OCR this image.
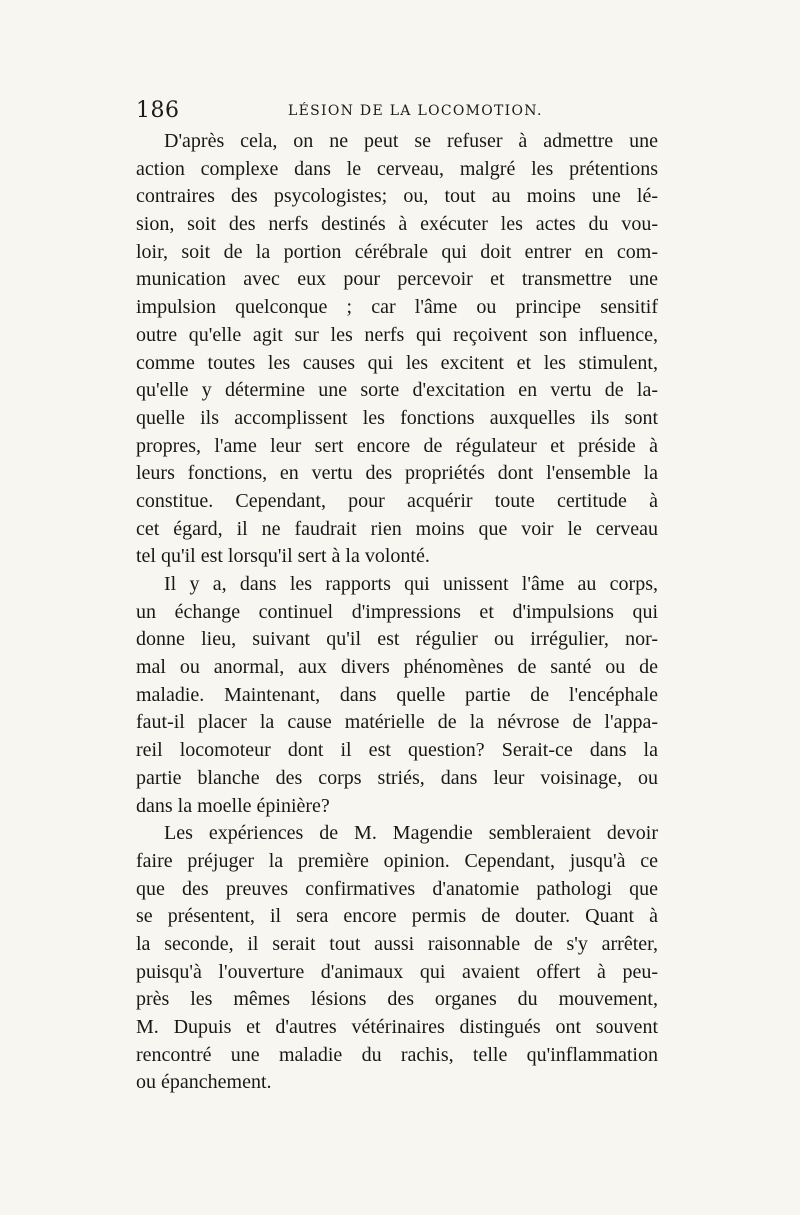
186	LÉSION DE LA LOCOMOTION.
D'après cela, on ne peut se refuser à admettre une
action complexe dans le cerveau, malgré les prétentions
contraires des psycologistes; ou, tout au moins une lé-
sion, soit des nerfs destinés à exécuter les actes du vou-
loir, soit de la portion cérébrale qui doit entrer en com-
munication avec eux pour percevoir et transmettre une
impulsion quelconque ; car l'âme ou principe sensitif
outre qu'elle agit sur les nerfs qui reçoivent son influence,
comme toutes les causes qui les excitent et les stimulent,
qu'elle y détermine une sorte d'excitation en vertu de la-
quelle ils accomplissent les fonctions auxquelles ils sont
propres, l'ame leur sert encore de régulateur et préside à
leurs fonctions, en vertu des propriétés dont l'ensemble la
constitue. Cependant, pour acquérir toute certitude à
cet égard, il ne faudrait rien moins que voir le cerveau
tel qu'il est lorsqu'il sert à la volonté.
Il y a, dans les rapports qui unissent l'âme au corps,
un échange continuel d'impressions et d'impulsions qui
donne lieu, suivant qu'il est régulier ou irrégulier, nor-
mal ou anormal, aux divers phénomènes de santé ou de
maladie. Maintenant, dans quelle partie de l'encéphale
faut-il placer la cause matérielle de la névrose de l'appa-
reil locomoteur dont il est question? Serait-ce dans la
partie blanche des corps striés, dans leur voisinage, ou
dans la moelle épinière?
Les expériences de M. Magendie sembleraient devoir
faire préjuger la première opinion. Cependant, jusqu'à ce
que des preuves confirmatives d'anatomie pathologi que
se présentent, il sera encore permis de douter. Quant à
la seconde, il serait tout aussi raisonnable de s'y arrêter,
puisqu'à l'ouverture d'animaux qui avaient offert à peu-
près les mêmes lésions des organes du mouvement,
M. Dupuis et d'autres vétérinaires distingués ont souvent
rencontré une maladie du rachis, telle qu'inflammation
ou épanchement.
